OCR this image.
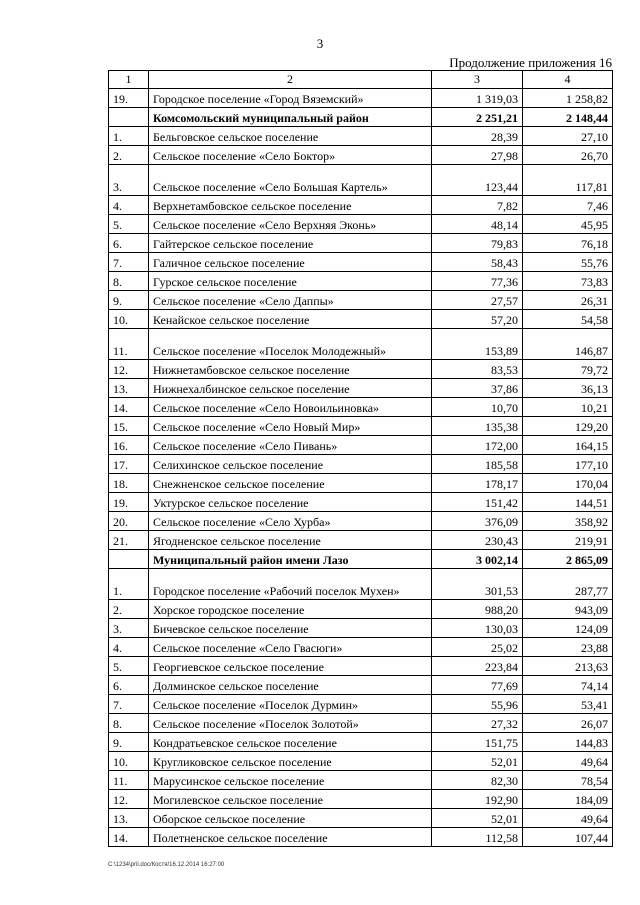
3
Продолжение приложения 16
1	2	3	4
19.	Городское поселение «Город Вяземский»	1 319,03	1 258,82
	Комсомольский муниципальный район	2 251,21	2 148,44
1.	Бельговское сельское поселение	28,39	27,10
2.	Сельское поселение «Село Боктор»	27,98	26,70
3.	Сельское поселение «Село Большая Картель»	123,44	117,81
4.	Верхнетамбовское сельское поселение	7,82	7,46
5.	Сельское поселение «Село Верхняя Эконь»	48,14	45,95
6.	Гайтерское сельское поселение	79,83	76,18
7.	Галичное сельское поселение	58,43	55,76
8.	Гурское сельское поселение	77,36	73,83
9.	Сельское поселение «Село Даппы»	27,57	26,31
10.	Кенайское сельское поселение	57,20	54,58
11.	Сельское поселение «Поселок Молодежный»	153,89	146,87
12.	Нижнетамбовское сельское поселение	83,53	79,72
13.	Нижнехалбинское сельское поселение	37,86	36,13
14.	Сельское поселение «Село Новоильиновка»	10,70	10,21
15.	Сельское поселение «Село Новый Мир»	135,38	129,20
16.	Сельское поселение «Село Пивань»	172,00	164,15
17.	Селихинское сельское поселение	185,58	177,10
18.	Снежненское сельское поселение	178,17	170,04
19.	Уктурское сельское поселение	151,42	144,51
20.	Сельское поселение «Село Хурба»	376,09	358,92
21.	Ягодненское сельское поселение	230,43	219,91
	Муниципальный район имени Лазо	3 002,14	2 865,09
1.	Городское поселение «Рабочий поселок Мухен»	301,53	287,77
2.	Хорское городское поселение	988,20	943,09
3.	Бичевское сельское поселение	130,03	124,09
4.	Сельское поселение «Село Гвасюги»	25,02	23,88
5.	Георгиевское сельское поселение	223,84	213,63
6.	Долминское сельское поселение	77,69	74,14
7.	Сельское поселение «Поселок Дурмин»	55,96	53,41
8.	Сельское поселение «Поселок Золотой»	27,32	26,07
9.	Кондратьевское сельское поселение	151,75	144,83
10.	Кругликовское сельское поселение	52,01	49,64
11.	Марусинское сельское поселение	82,30	78,54
12.	Могилевское сельское поселение	192,90	184,09
13.	Оборское сельское поселение	52,01	49,64
14.	Полетненское сельское поселение	112,58	107,44
C:\1234\pril.doc/Костя/16.12.2014 16:27:00
